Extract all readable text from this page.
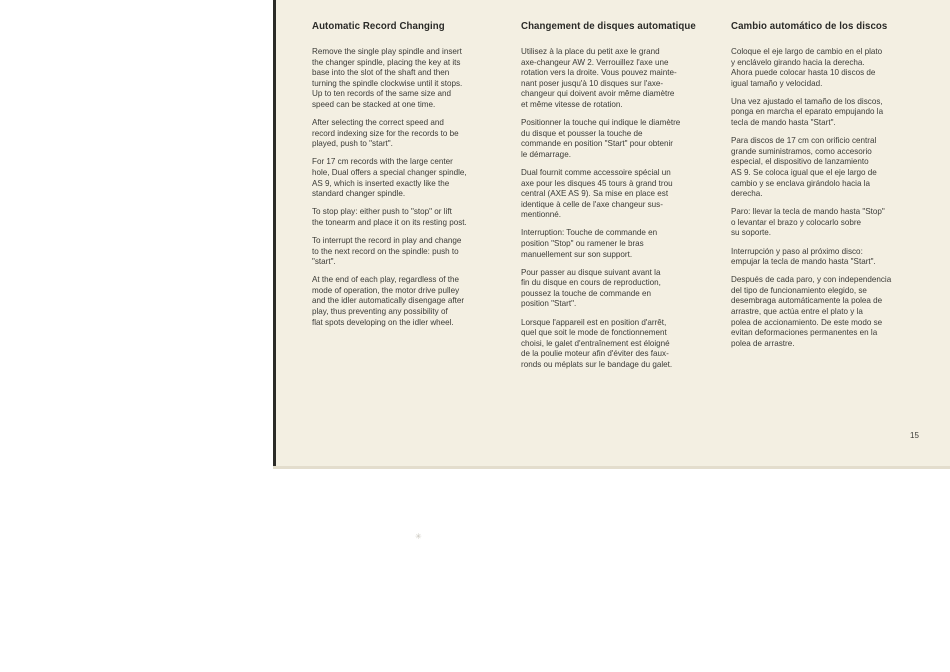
Automatic Record Changing

Remove the single play spindle and insert
the changer spindle, placing the key at its
base into the slot of the shaft and then
turning the spindle clockwise until it stops.
Up to ten records of the same size and
speed can be stacked at one time.

After selecting the correct speed and
record indexing size for the records to be
played, push to "start".

For 17 cm records with the large center
hole, Dual offers a special changer spindle,
AS 9, which is inserted exactly like the
standard changer spindle.

To stop play: either push to "stop" or lift
the tonearm and place it on its resting post.

To interrupt the record in play and change
to the next record on the spindle: push to
"start".

At the end of each play, regardless of the
mode of operation, the motor drive pulley
and the idler automatically disengage after
play, thus preventing any possibility of
flat spots developing on the idler wheel.

Changement de disques automatique

Utilisez à la place du petit axe le grand
axe-changeur AW 2. Verrouillez l'axe une
rotation vers la droite. Vous pouvez mainte-
nant poser jusqu'à 10 disques sur l'axe-
changeur qui doivent avoir même diamètre
et même vitesse de rotation.

Positionner la touche qui indique le diamètre
du disque et pousser la touche de
commande en position "Start" pour obtenir
le démarrage.

Dual fournit comme accessoire spécial un
axe pour les disques 45 tours à grand trou
central (AXE AS 9). Sa mise en place est
identique à celle de l'axe changeur sus-
mentionné.

Interruption: Touche de commande en
position "Stop" ou ramener le bras
manuellement sur son support.

Pour passer au disque suivant avant la
fin du disque en cours de reproduction,
poussez la touche de commande en
position "Start".

Lorsque l'appareil est en position d'arrêt,
quel que soit le mode de fonctionnement
choisi, le galet d'entraînement est éloigné
de la poulie moteur afin d'éviter des faux-
ronds ou méplats sur le bandage du galet.

Cambio automático de los discos

Coloque el eje largo de cambio en el plato
y enclávelo girando hacia la derecha.
Ahora puede colocar hasta 10 discos de
igual tamaño y velocidad.

Una vez ajustado el tamaño de los discos,
ponga en marcha el eparato empujando la
tecla de mando hasta "Start".

Para discos de 17 cm con orificio central
grande suministramos, como accesorio
especial, el dispositivo de lanzamiento
AS 9. Se coloca igual que el eje largo de
cambio y se enclava girándolo hacia la
derecha.

Paro: llevar la tecla de mando hasta "Stop"
o levantar el brazo y colocarlo sobre
su soporte.

Interrupción y paso al próximo disco:
empujar la tecla de mando hasta "Start".

Después de cada paro, y con independencia
del tipo de funcionamiento elegido, se
desembraga automáticamente la polea de
arrastre, que actúa entre el plato y la
polea de accionamiento. De este modo se
evitan deformaciones permanentes en la
polea de arrastre.

15
✳
